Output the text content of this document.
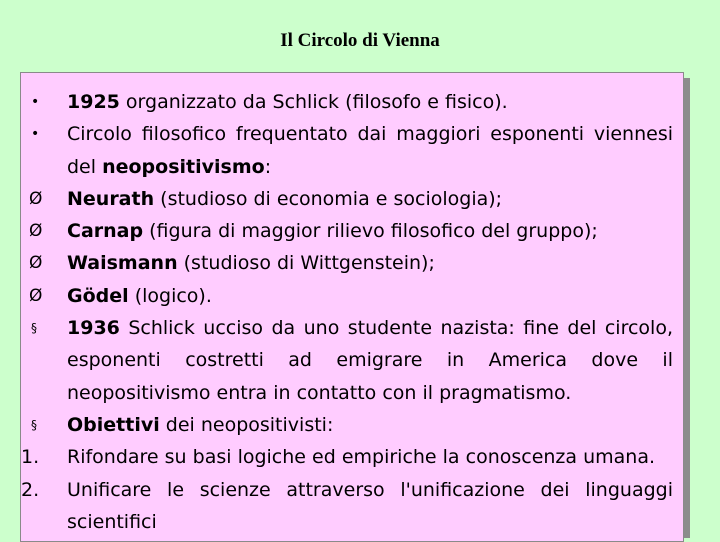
Il Circolo di Vienna
•	1925 organizzato da Schlick (filosofo e fisico).
•	Circolo filosofico frequentato dai maggiori esponenti viennesi del neopositivismo:
Ø	Neurath (studioso di economia e sociologia);
Ø	Carnap (figura di maggior rilievo filosofico del gruppo);
Ø	Waismann (studioso di Wittgenstein);
Ø	Gödel (logico).
§	1936 Schlick ucciso da uno studente nazista: fine del circolo, esponenti costretti ad emigrare in America dove il neopositivismo entra in contatto con il pragmatismo.
§	Obiettivi dei neopositivisti:
1.	Rifondare su basi logiche ed empiriche la conoscenza umana.
2.	Unificare le scienze attraverso l'unificazione dei linguaggi scientifici
